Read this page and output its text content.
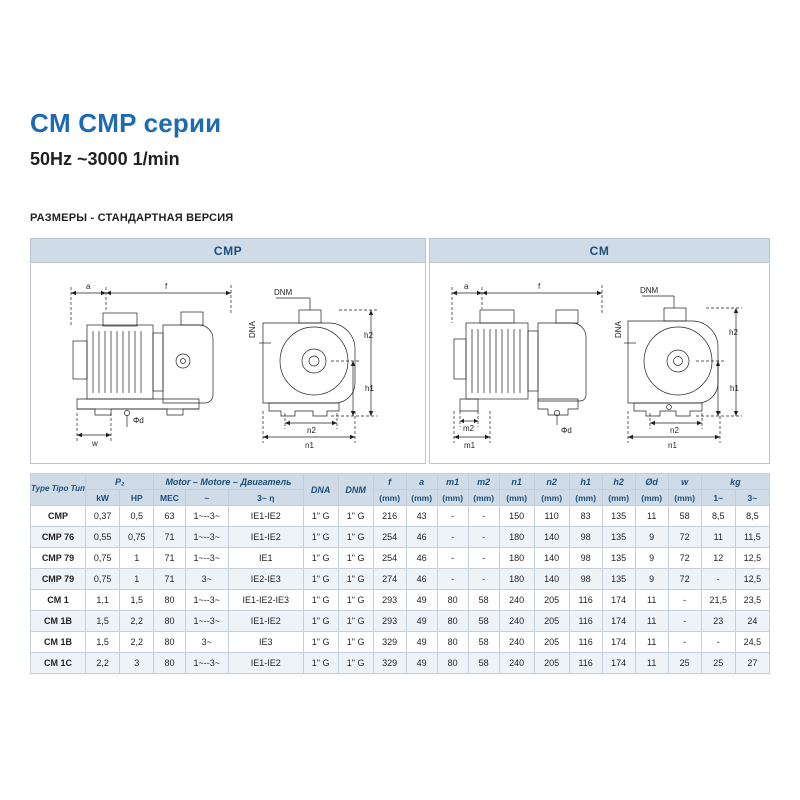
CM CMP серии
50Hz ~3000 1/min
РАЗМЕРЫ - СТАНДАРТНАЯ ВЕРСИЯ
CMP
a	f
DNM
DNA	h2
h1
Φd
w
n2
n1
CM
a	f	DNM
DNA	h2
h1
m2
m1
Φd	n2
n1
Type Tipo Тип	P₂		Motor – Motore – Двигатель			DNA	DNM	f	a	m1	m2	n1	n2	h1	h2	Ød	w	kg	
	kW	HP	MEC	~	3~ η			(mm)	(mm)	(mm)	(mm)	(mm)	(mm)	(mm)	(mm)	(mm)	(mm)	1~	3~
CMP	0,37	0,5	63	1~--3~	IE1-IE2	1" G	1" G	216	43	-	-	150	110	83	135	11	58	8,5	8,5
CMP 76	0,55	0,75	71	1~--3~	IE1-IE2	1" G	1" G	254	46	-	-	180	140	98	135	9	72	11	11,5
CMP 79	0,75	1	71	1~--3~	IE1	1" G	1" G	254	46	-	-	180	140	98	135	9	72	12	12,5
CMP 79	0,75	1	71	3~	IE2-IE3	1" G	1" G	274	46	-	-	180	140	98	135	9	72	-	12,5
CM 1	1,1	1,5	80	1~--3~	IE1-IE2-IE3	1" G	1" G	293	49	80	58	240	205	116	174	11	-	21,5	23,5
CM 1B	1,5	2,2	80	1~--3~	IE1-IE2	1" G	1" G	293	49	80	58	240	205	116	174	11	-	23	24
CM 1B	1,5	2,2	80	3~	IE3	1" G	1" G	329	49	80	58	240	205	116	174	11	-	-	24,5
CM 1C	2,2	3	80	1~--3~	IE1-IE2	1" G	1" G	329	49	80	58	240	205	116	174	11	25	25	27
